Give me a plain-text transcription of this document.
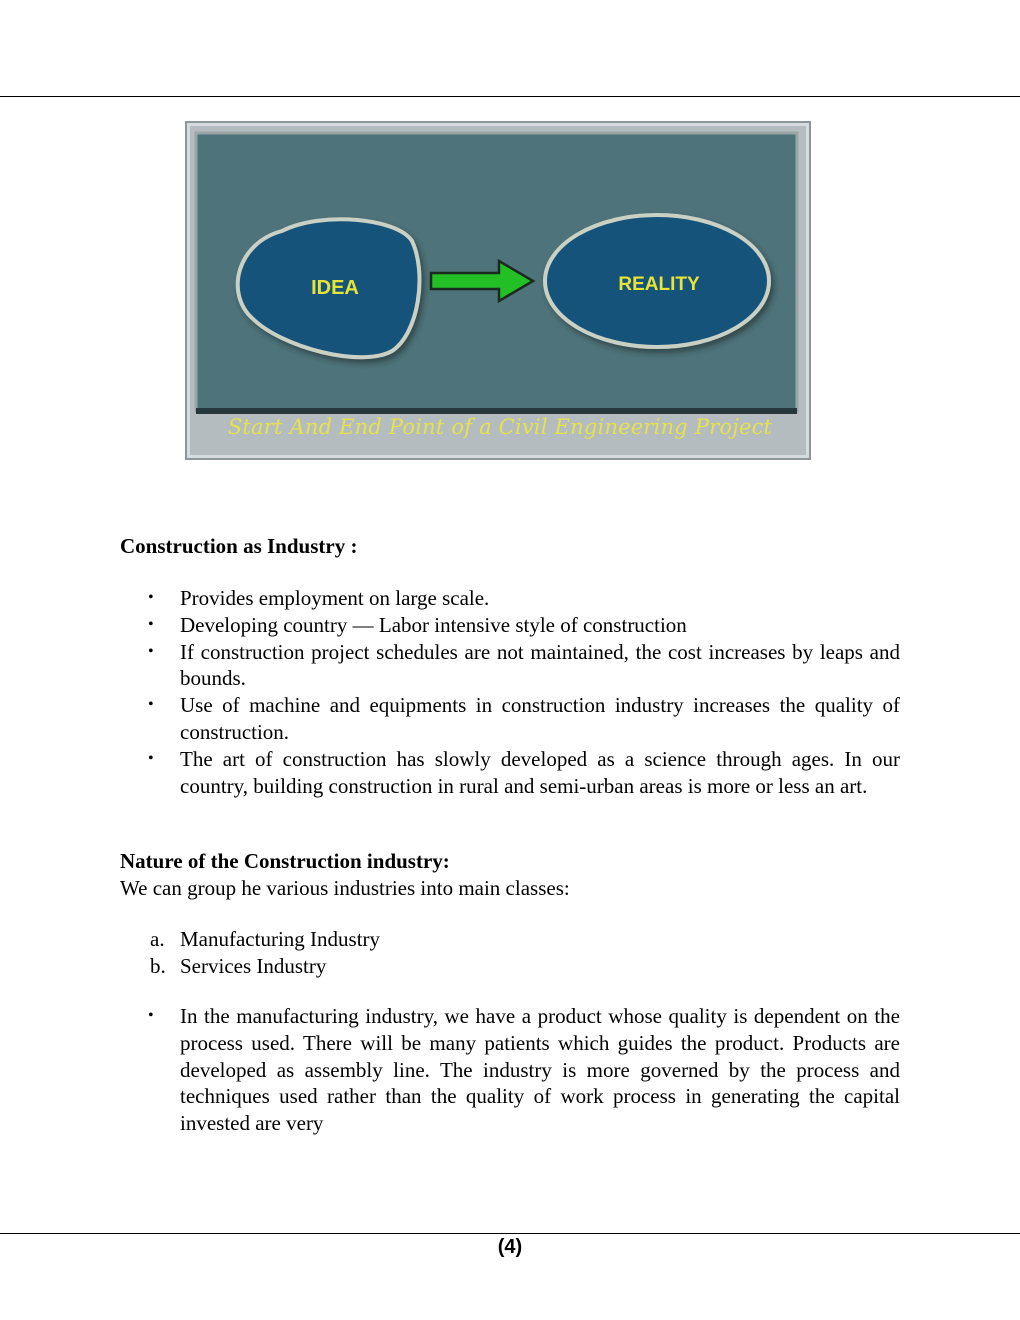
IDEA	REALITY
Start And End Point of a Civil Engineering Project
Construction as Industry :
• Provides employment on large scale.
• Developing country — Labor intensive style of construction
• If construction project schedules are not maintained, the cost increases by leaps and bounds.
• Use of machine and equipments in construction industry increases the quality of construction.
• The art of construction has slowly developed as a science through ages. In our country, building construction in rural and semi-urban areas is more or less an art.
Nature of the Construction industry:
We can group he various industries into main classes:
a. Manufacturing Industry
b. Services Industry
• In the manufacturing industry, we have a product whose quality is dependent on the process used. There will be many patients which guides the product. Products are developed as assembly line. The industry is more governed by the process and techniques used rather than the quality of work process in generating the capital invested are very
(4)
